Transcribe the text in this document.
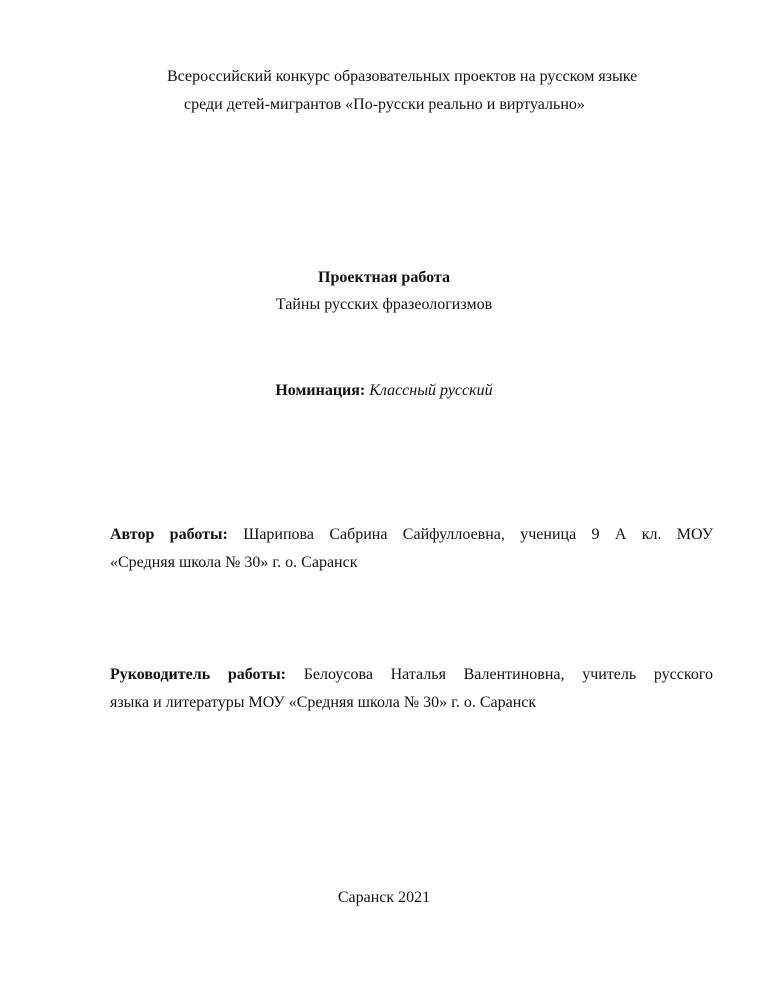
Всероссийский конкурс образовательных проектов на русском языке
среди детей-мигрантов «По-русски реально и виртуально»
Проектная работа
Тайны русских фразеологизмов
Номинация: Классный русский
Автор работы: Шарипова Сабрина Сайфуллоевна, ученица 9 А кл. МОУ
«Средняя школа № 30» г. о. Саранск
Руководитель работы: Белоусова Наталья Валентиновна, учитель русского
языка и литературы МОУ «Средняя школа № 30» г. о. Саранск
Саранск 2021
